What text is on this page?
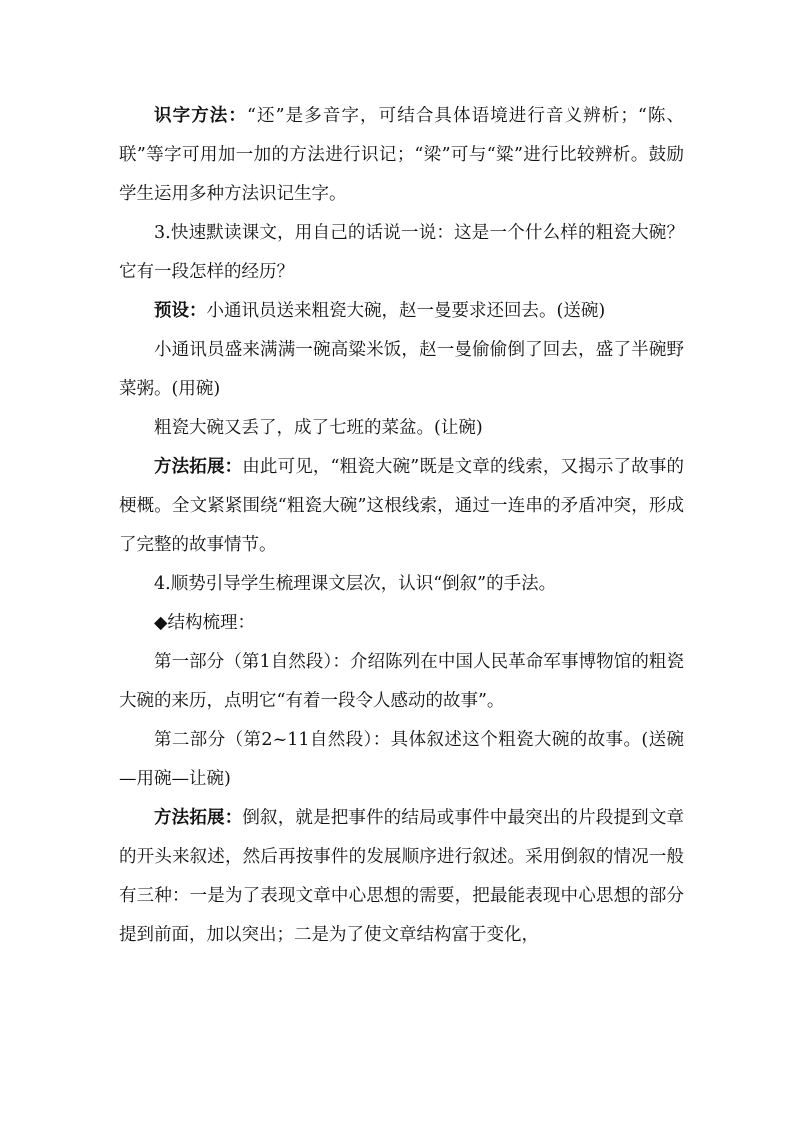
识字方法：“还”是多音字，可结合具体语境进行音义辨析；“陈、联”等字可用加一加的方法进行识记；“梁”可与“粱”进行比较辨析。鼓励学生运用多种方法识记生字。

3.快速默读课文，用自己的话说一说：这是一个什么样的粗瓷大碗？它有一段怎样的经历？

预设：小通讯员送来粗瓷大碗，赵一曼要求还回去。(送碗)

小通讯员盛来满满一碗高粱米饭，赵一曼偷偷倒了回去，盛了半碗野菜粥。(用碗)

粗瓷大碗又丢了，成了七班的菜盆。(让碗)

方法拓展：由此可见，“粗瓷大碗”既是文章的线索，又揭示了故事的梗概。全文紧紧围绕“粗瓷大碗”这根线索，通过一连串的矛盾冲突，形成了完整的故事情节。

4.顺势引导学生梳理课文层次，认识“倒叙”的手法。

◆结构梳理：

第一部分（第1自然段）：介绍陈列在中国人民革命军事博物馆的粗瓷大碗的来历，点明它“有着一段令人感动的故事”。

第二部分（第2~11自然段）：具体叙述这个粗瓷大碗的故事。(送碗—用碗—让碗)

方法拓展：倒叙，就是把事件的结局或事件中最突出的片段提到文章的开头来叙述，然后再按事件的发展顺序进行叙述。采用倒叙的情况一般有三种：一是为了表现文章中心思想的需要，把最能表现中心思想的部分提到前面，加以突出；二是为了使文章结构富于变化，
